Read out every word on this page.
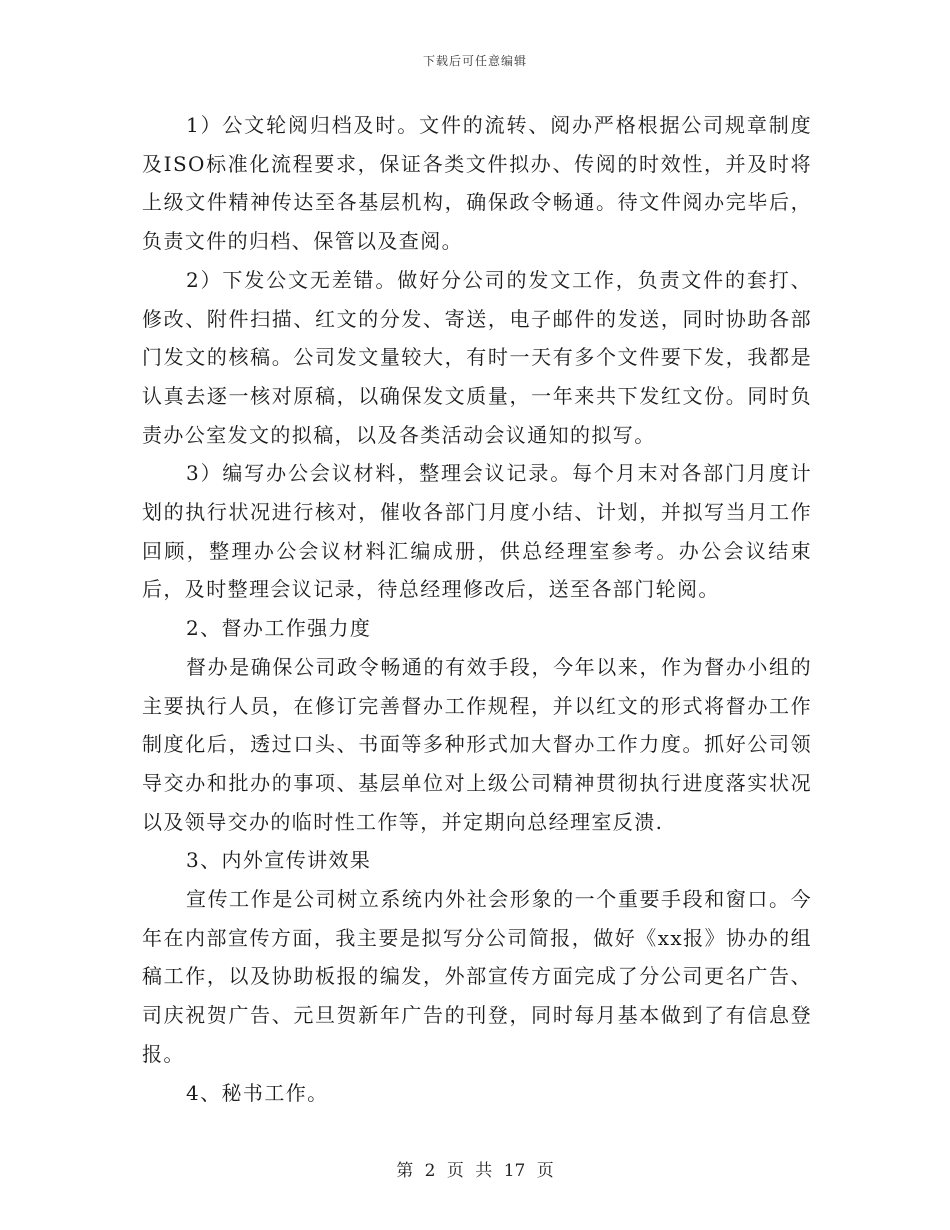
下载后可任意编辑

1）公文轮阅归档及时。文件的流转、阅办严格根据公司规章制度及ISO标准化流程要求，保证各类文件拟办、传阅的时效性，并及时将上级文件精神传达至各基层机构，确保政令畅通。待文件阅办完毕后，负责文件的归档、保管以及查阅。

2）下发公文无差错。做好分公司的发文工作，负责文件的套打、修改、附件扫描、红文的分发、寄送，电子邮件的发送，同时协助各部门发文的核稿。公司发文量较大，有时一天有多个文件要下发，我都是认真去逐一核对原稿，以确保发文质量，一年来共下发红文份。同时负责办公室发文的拟稿，以及各类活动会议通知的拟写。

3）编写办公会议材料，整理会议记录。每个月末对各部门月度计划的执行状况进行核对，催收各部门月度小结、计划，并拟写当月工作回顾，整理办公会议材料汇编成册，供总经理室参考。办公会议结束后，及时整理会议记录，待总经理修改后，送至各部门轮阅。

2、督办工作强力度

督办是确保公司政令畅通的有效手段，今年以来，作为督办小组的主要执行人员，在修订完善督办工作规程，并以红文的形式将督办工作制度化后，透过口头、书面等多种形式加大督办工作力度。抓好公司领导交办和批办的事项、基层单位对上级公司精神贯彻执行进度落实状况以及领导交办的临时性工作等，并定期向总经理室反溃.

3、内外宣传讲效果

宣传工作是公司树立系统内外社会形象的一个重要手段和窗口。今年在内部宣传方面，我主要是拟写分公司简报，做好《xx报》协办的组稿工作，以及协助板报的编发，外部宣传方面完成了分公司更名广告、司庆祝贺广告、元旦贺新年广告的刊登，同时每月基本做到了有信息登报。

4、秘书工作。

第 2 页 共 17 页
